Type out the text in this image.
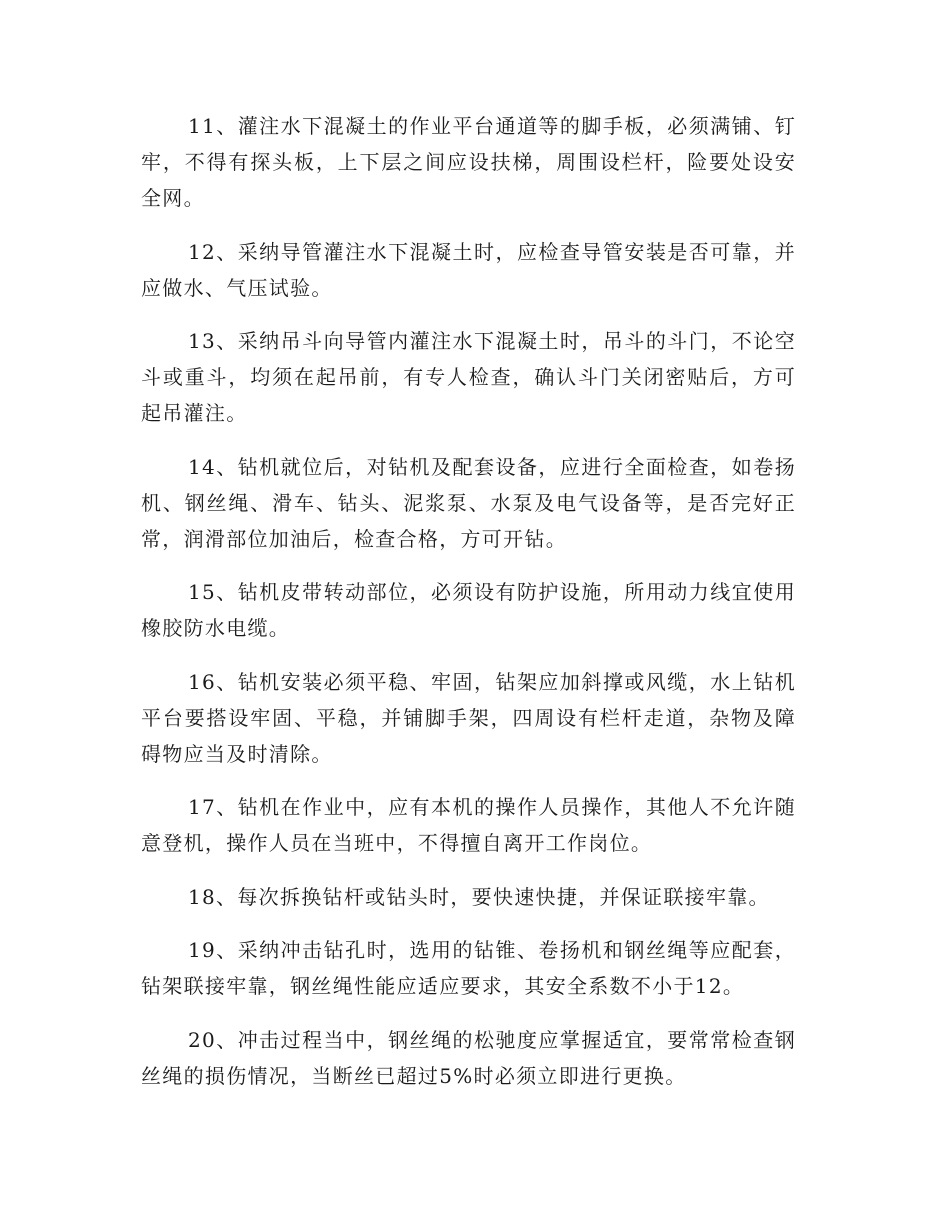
11、灌注水下混凝土的作业平台通道等的脚手板，必须满铺、钉牢，不得有探头板，上下层之间应设扶梯，周围设栏杆，险要处设安全网。

12、采纳导管灌注水下混凝土时，应检查导管安装是否可靠，并应做水、气压试验。

13、采纳吊斗向导管内灌注水下混凝土时，吊斗的斗门，不论空斗或重斗，均须在起吊前，有专人检查，确认斗门关闭密贴后，方可起吊灌注。

14、钻机就位后，对钻机及配套设备，应进行全面检查，如卷扬机、钢丝绳、滑车、钻头、泥浆泵、水泵及电气设备等，是否完好正常，润滑部位加油后，检查合格，方可开钻。

15、钻机皮带转动部位，必须设有防护设施，所用动力线宜使用橡胶防水电缆。

16、钻机安装必须平稳、牢固，钻架应加斜撑或风缆，水上钻机平台要搭设牢固、平稳，并铺脚手架，四周设有栏杆走道，杂物及障碍物应当及时清除。

17、钻机在作业中，应有本机的操作人员操作，其他人不允许随意登机，操作人员在当班中，不得擅自离开工作岗位。

18、每次拆换钻杆或钻头时，要快速快捷，并保证联接牢靠。

19、采纳冲击钻孔时，选用的钻锥、卷扬机和钢丝绳等应配套，钻架联接牢靠，钢丝绳性能应适应要求，其安全系数不小于12。

20、冲击过程当中，钢丝绳的松驰度应掌握适宜，要常常检查钢丝绳的损伤情况，当断丝已超过5%时必须立即进行更换。
